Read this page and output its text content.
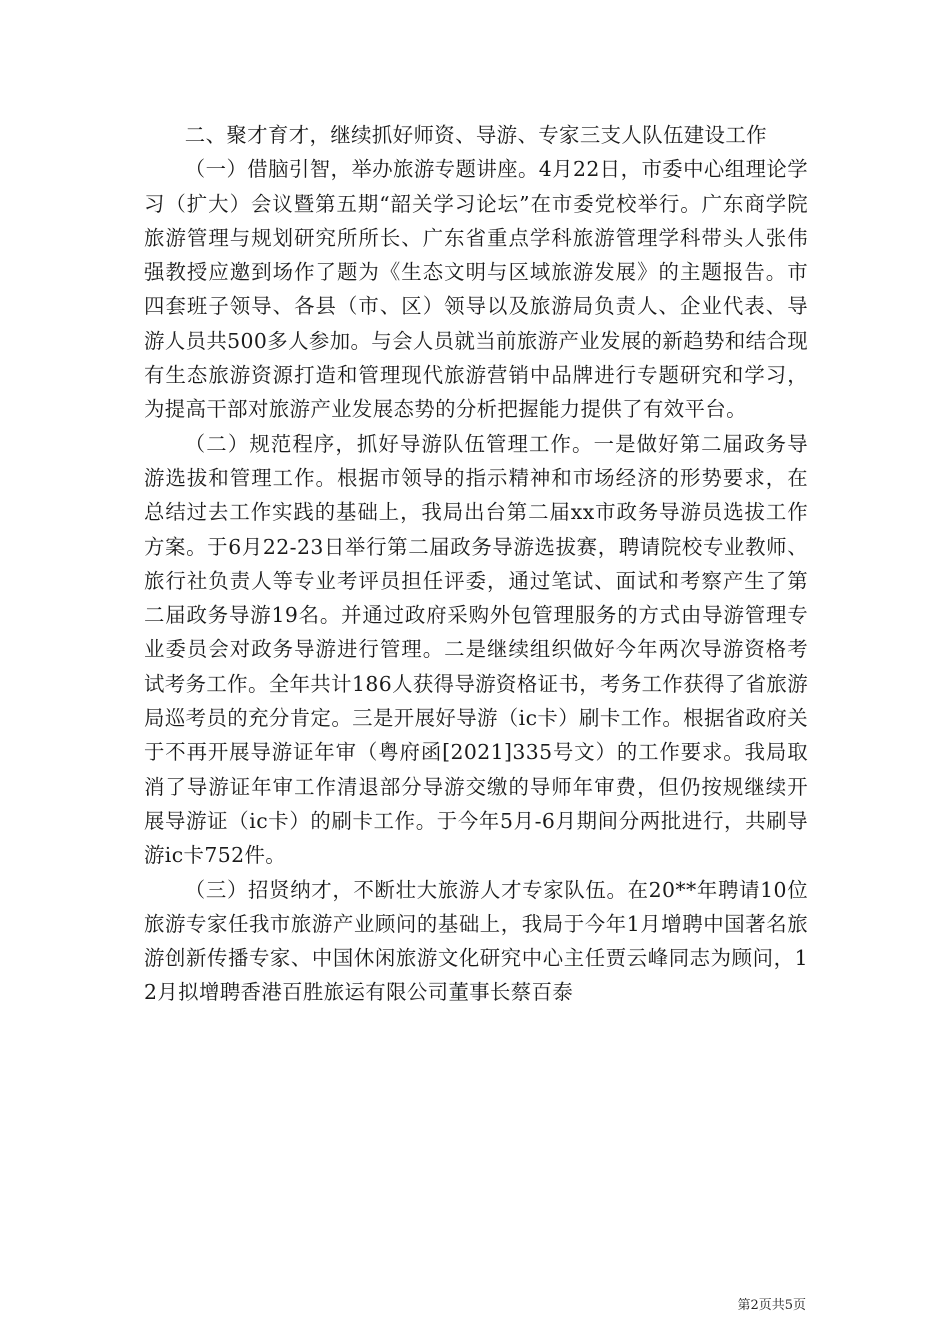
二、聚才育才，继续抓好师资、导游、专家三支人队伍建设工作

（一）借脑引智，举办旅游专题讲座。4月22日，市委中心组理论学习（扩大）会议暨第五期“韶关学习论坛”在市委党校举行。广东商学院旅游管理与规划研究所所长、广东省重点学科旅游管理学科带头人张伟强教授应邀到场作了题为《生态文明与区域旅游发展》的主题报告。市四套班子领导、各县（市、区）领导以及旅游局负责人、企业代表、导游人员共500多人参加。与会人员就当前旅游产业发展的新趋势和结合现有生态旅游资源打造和管理现代旅游营销中品牌进行专题研究和学习，为提高干部对旅游产业发展态势的分析把握能力提供了有效平台。

（二）规范程序，抓好导游队伍管理工作。一是做好第二届政务导游选拔和管理工作。根据市领导的指示精神和市场经济的形势要求，在总结过去工作实践的基础上，我局出台第二届xx市政务导游员选拔工作方案。于6月22-23日举行第二届政务导游选拔赛，聘请院校专业教师、旅行社负责人等专业考评员担任评委，通过笔试、面试和考察产生了第二届政务导游19名。并通过政府采购外包管理服务的方式由导游管理专业委员会对政务导游进行管理。二是继续组织做好今年两次导游资格考试考务工作。全年共计186人获得导游资格证书，考务工作获得了省旅游局巡考员的充分肯定。三是开展好导游（ic卡）刷卡工作。根据省政府关于不再开展导游证年审（粤府函[2021]335号文）的工作要求。我局取消了导游证年审工作清退部分导游交缴的导师年审费，但仍按规继续开展导游证（ic卡）的刷卡工作。于今年5月-6月期间分两批进行，共刷导游ic卡752件。

（三）招贤纳才，不断壮大旅游人才专家队伍。在20**年聘请10位旅游专家任我市旅游产业顾问的基础上，我局于今年1月增聘中国著名旅游创新传播专家、中国休闲旅游文化研究中心主任贾云峰同志为顾问，12月拟增聘香港百胜旅运有限公司董事长蔡百泰

第2页共5页
